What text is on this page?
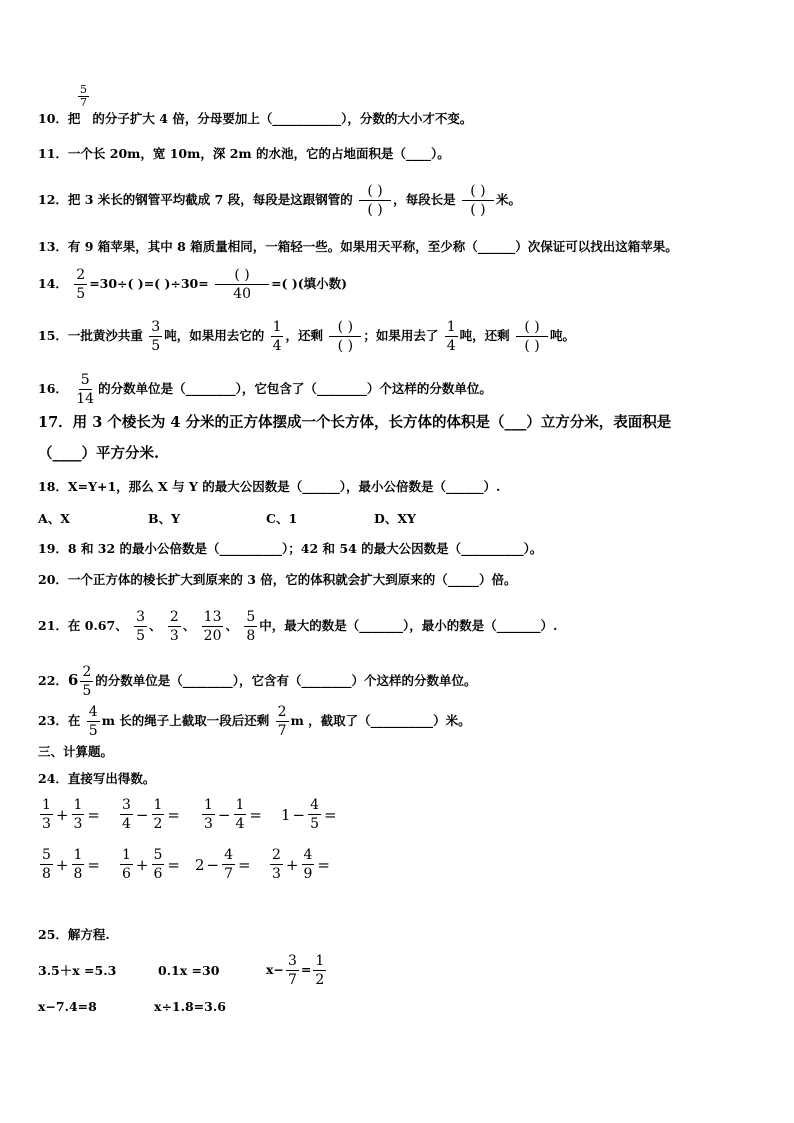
10．把 的分子扩大 4 倍，分母要加上（___________），分数的大小才不变。
$\frac{5}{7}$
11．一个长 20m，宽 10m，深 2m 的水池，它的占地面积是（____）。
12．把 3 米长的钢管平均截成 7 段，每段是这跟钢管的 $\frac{( )}{( )}$ ，每段长是 $\frac{( )}{( )}$ 米。
13．有 9 箱苹果，其中 8 箱质量相同，一箱轻一些。如果用天平称，至少称（______）次保证可以找出这箱苹果。
14． $\frac{2}{5} =30\div$( )=( )$\div 30= \frac{( )}{40}$ =( )(填小数)
15．一批黄沙共重 $\frac{3}{5}$ 吨，如果用去它的 $\frac{1}{4}$ ，还剩 $\frac{( )}{( )}$ ；如果用去了 $\frac{1}{4}$ 吨，还剩 $\frac{( )}{( )}$ 吨。
16． $\frac{5}{14}$ 的分数单位是（________），它包含了（________）个这样的分数单位。
17．用 3 个棱长为 4 分米的正方体摆成一个长方体，长方体的体积是（___）立方分米，表面积是
（____）平方分米.
18．X=Y+1，那么 X 与 Y 的最大公因数是（______），最小公倍数是（______）.
A、X	B、Y	C、1	D、XY
19．8 和 32 的最小公倍数是（__________）；42 和 54 的最大公因数是（__________）。
20．一个正方体的棱长扩大到原来的 3 倍，它的体积就会扩大到原来的（_____）倍。
21．在 0.67、 $\frac{3}{5}$ 、 $\frac{2}{3}$ 、 $\frac{13}{20}$ 、 $\frac{5}{8}$ 中，最大的数是（_______），最小的数是（_______）.
22．$6 \frac{2}{5}$ 的分数单位是（________），它含有（________）个这样的分数单位。
23．在 $\frac{4}{5}$ m 长的绳子上截取一段后还剩 $\frac{2}{7}$ m ，截取了（__________）米。
三、计算题。
24．直接写出得数。
$\frac{1}{3} + \frac{1}{3} = \frac{3}{4} - \frac{1}{2} = \frac{1}{3} - \frac{1}{4} = 1 - \frac{4}{5}$ =
$\frac{5}{8} + \frac{1}{8} = \frac{1}{6} + \frac{5}{6} = 2 - \frac{4}{7} = \frac{2}{3} + \frac{4}{9}$ =
25．解方程.
3.5＋x =5.3	0.1x =30	$x- \frac{3}{7} = \frac{1}{2}$
x−7.4=8	x÷1.8=3.6
